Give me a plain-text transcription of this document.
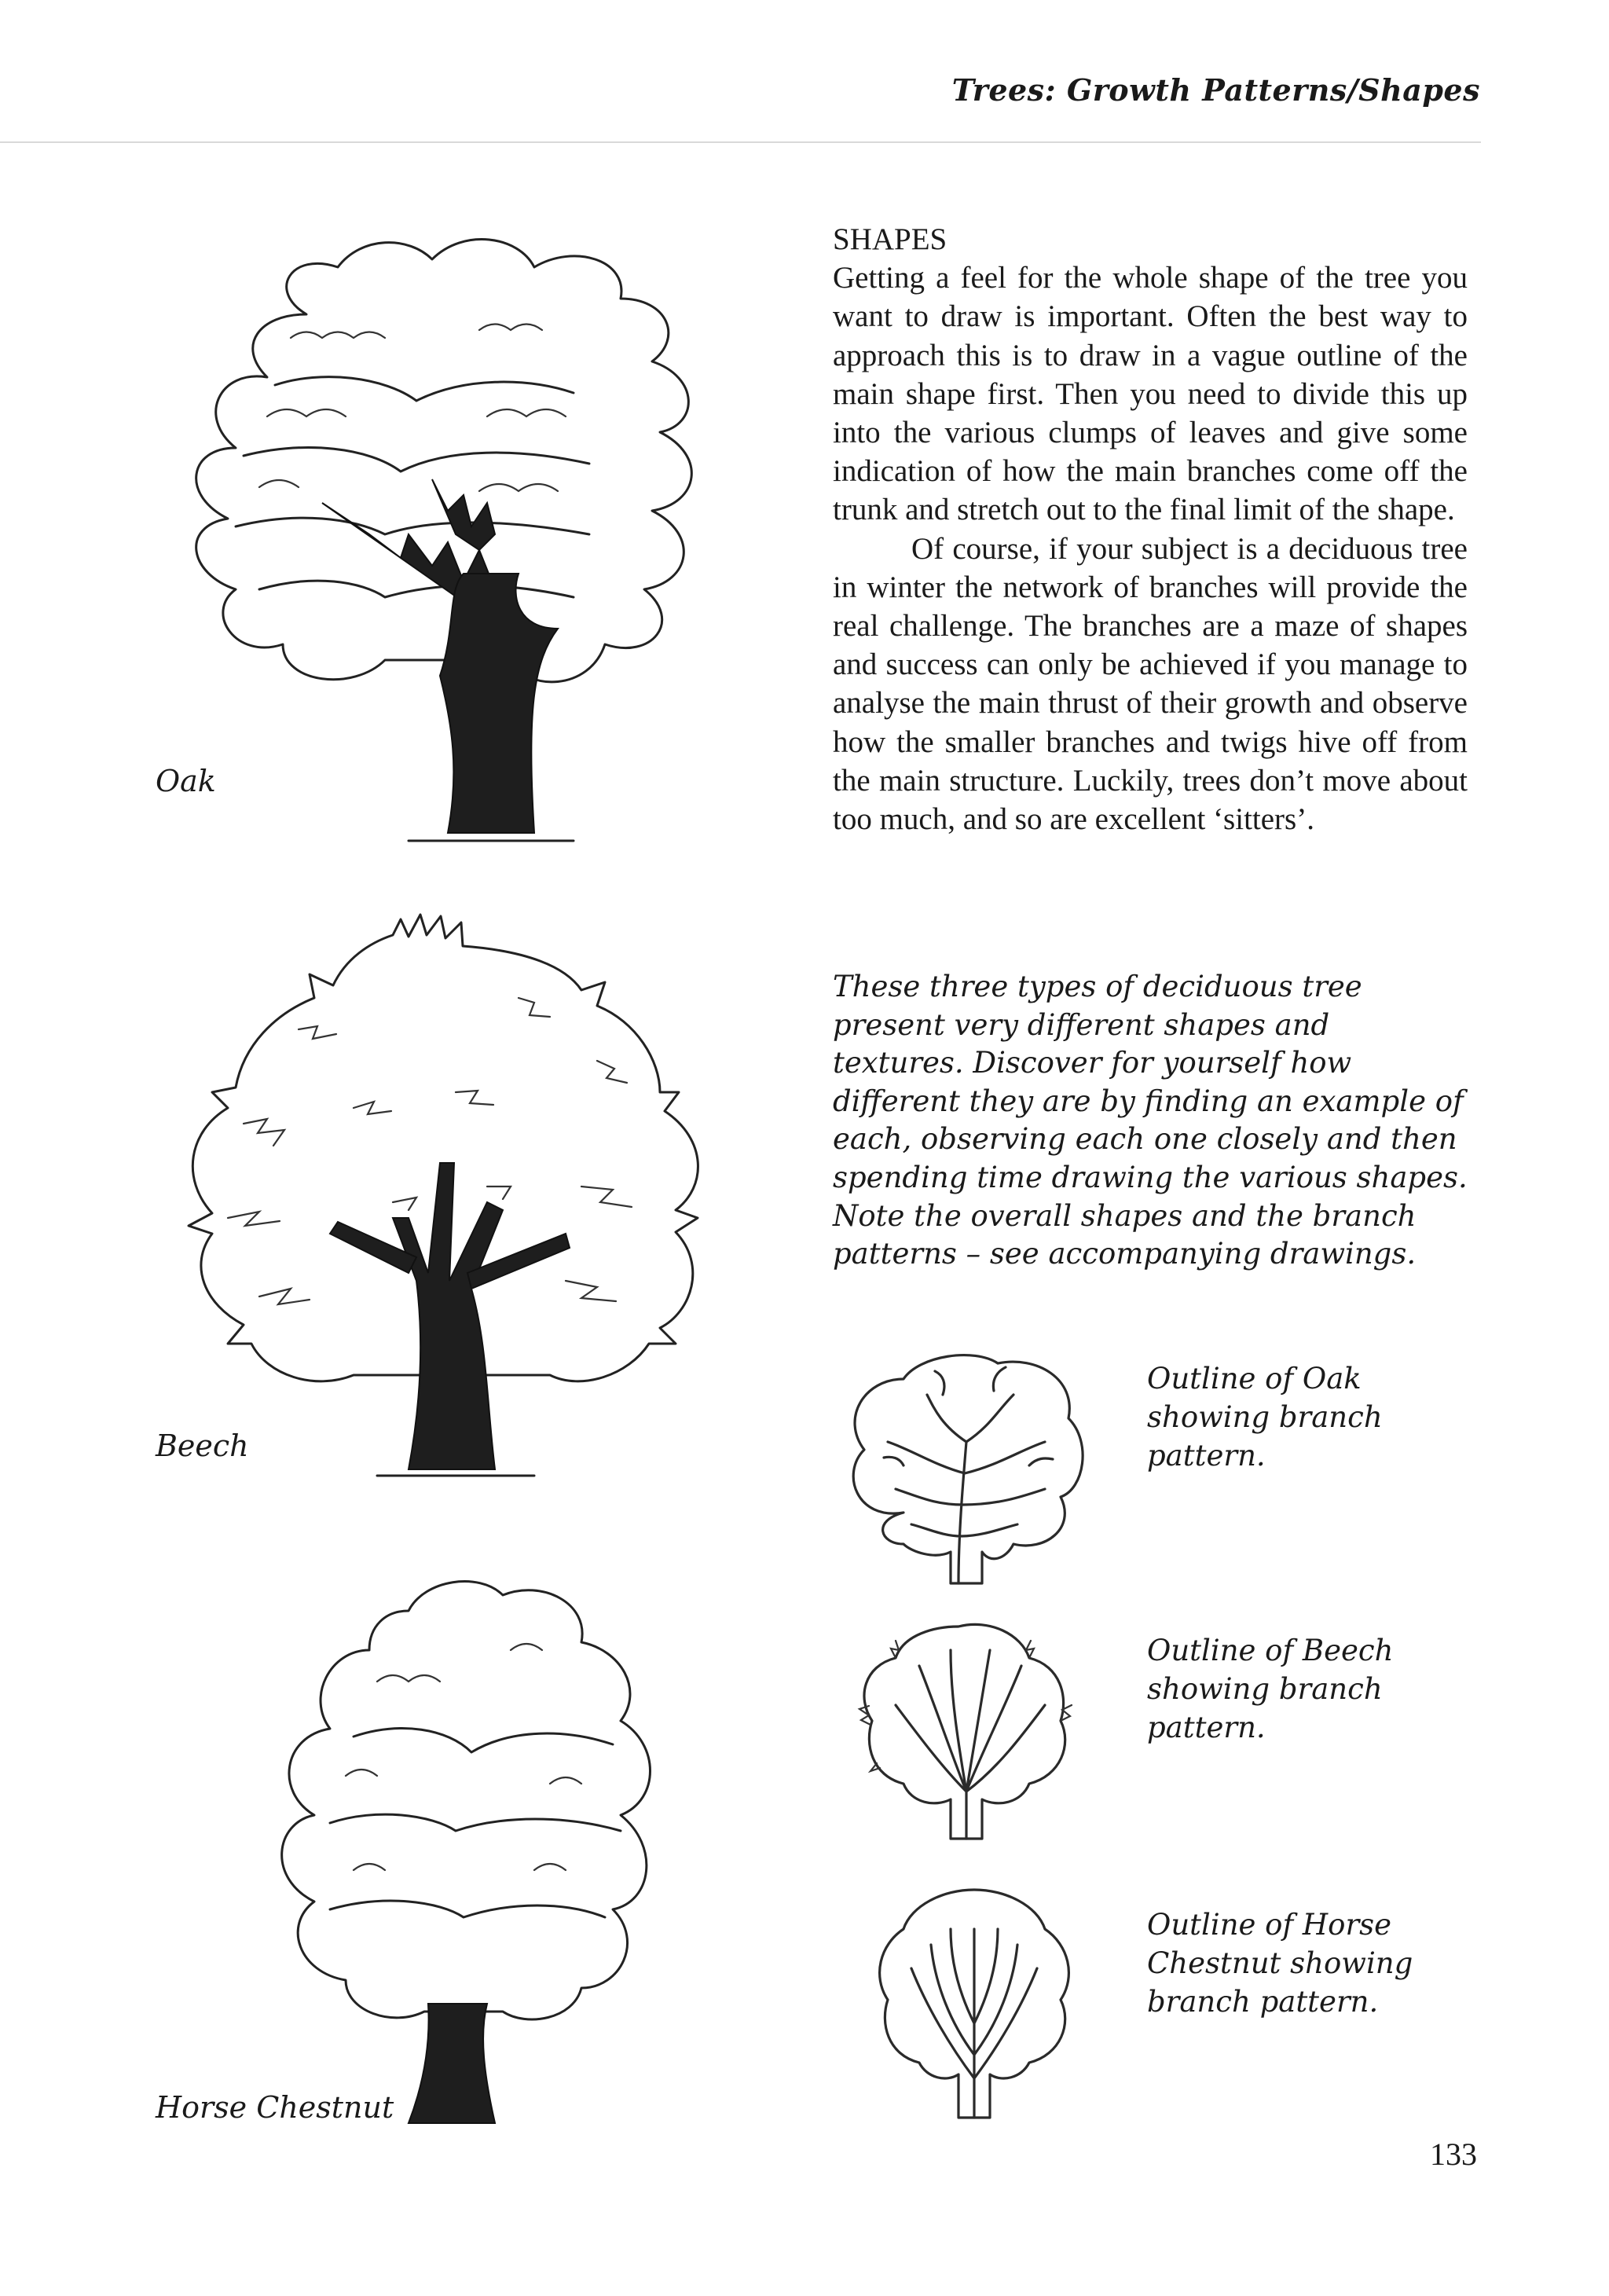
Trees: Growth Patterns/Shapes
Oak
Beech
Horse Chestnut

SHAPES

Getting a feel for the whole shape of the tree you want to draw is important. Often the best way to approach this is to draw in a vague outline of the main shape first. Then you need to divide this up into the various clumps of leaves and give some indication of how the main branches come off the trunk and stretch out to the final limit of the shape.

Of course, if your subject is a deciduous tree in winter the network of branches will provide the real challenge. The branches are a maze of shapes and success can only be achieved if you manage to analyse the main thrust of their growth and observe how the smaller branches and twigs hive off from the main structure. Luckily, trees don’t move about too much, and so are excellent ‘sitters’.

These three types of deciduous tree present very different shapes and textures. Discover for yourself how different they are by finding an example of each, observing each one closely and then spending time drawing the various shapes. Note the overall shapes and the branch patterns – see accompanying drawings.
Outline of Oak showing branch pattern.
Outline of Beech showing branch pattern.
Outline of Horse Chestnut showing branch pattern.
133
